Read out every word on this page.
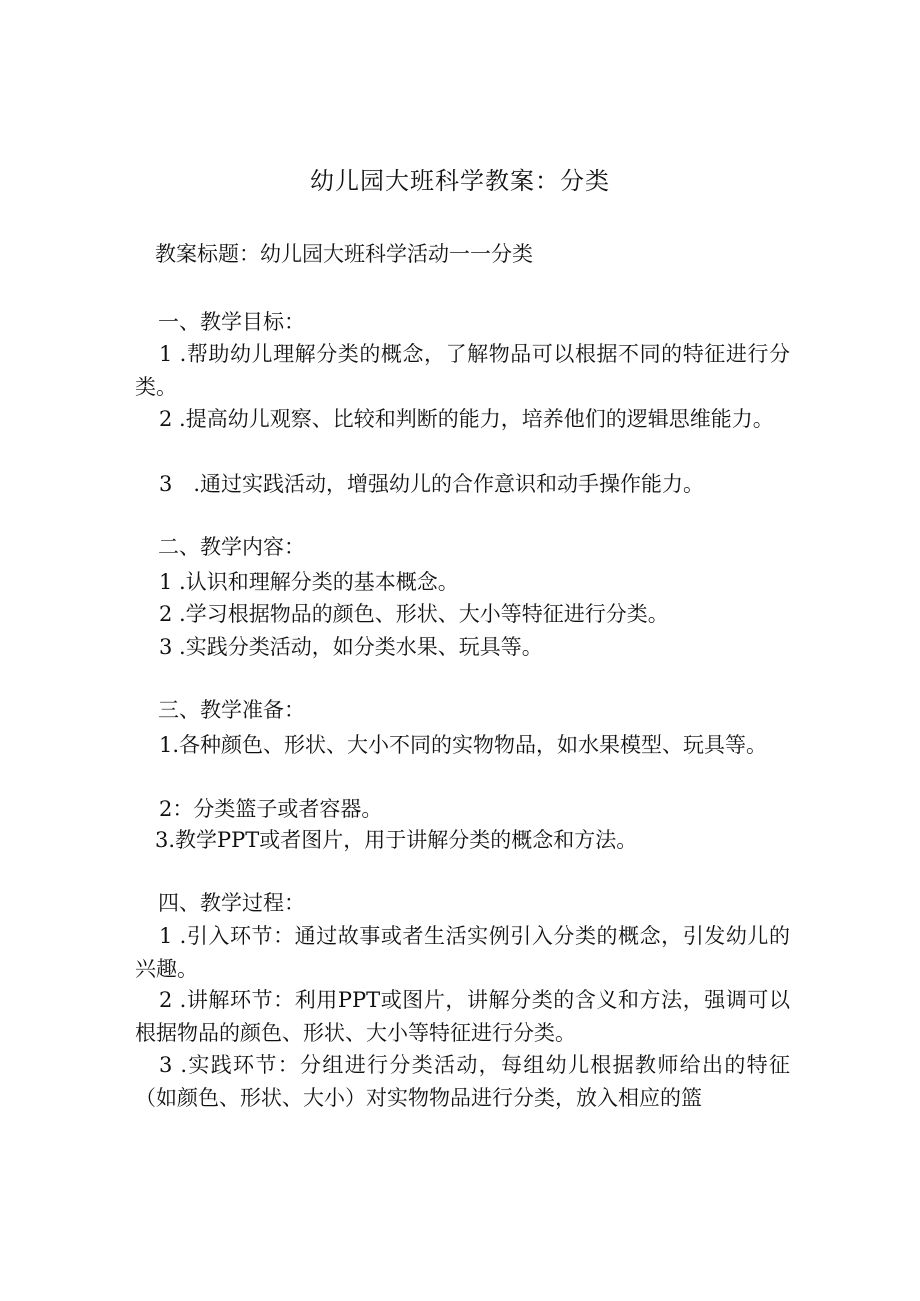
幼儿园大班科学教案：分类

教案标题：幼儿园大班科学活动一一分类

一、教学目标：

1 .帮助幼儿理解分类的概念，了解物品可以根据不同的特征进行分类。

2 .提高幼儿观察、比较和判断的能力，培养他们的逻辑思维能力。

3　.通过实践活动，增强幼儿的合作意识和动手操作能力。

二、教学内容：

1 .认识和理解分类的基本概念。

2 .学习根据物品的颜色、形状、大小等特征进行分类。

3 .实践分类活动，如分类水果、玩具等。

三、教学准备：

1.各种颜色、形状、大小不同的实物物品，如水果模型、玩具等。

2：分类篮子或者容器。

3.教学PPT或者图片，用于讲解分类的概念和方法。

四、教学过程：

1 .引入环节：通过故事或者生活实例引入分类的概念，引发幼儿的兴趣。

2 .讲解环节：利用PPT或图片，讲解分类的含义和方法，强调可以根据物品的颜色、形状、大小等特征进行分类。

3 .实践环节：分组进行分类活动，每组幼儿根据教师给出的特征（如颜色、形状、大小）对实物物品进行分类，放入相应的篮
